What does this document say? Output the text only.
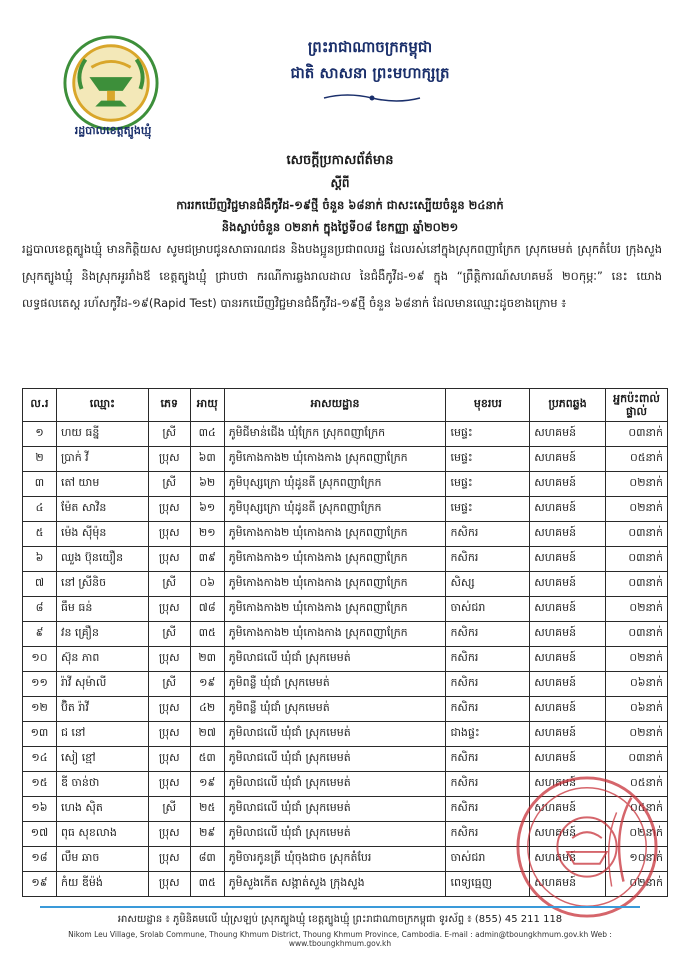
រដ្ឋបាលខេត្តត្បូងឃ្មុំ
ព្រះរាជាណាចក្រកម្ពុជា
ជាតិ សាសនា ព្រះមហាក្សត្រ
សេចក្តីប្រកាសព័ត៌មាន
ស្តីពី
ការរកឃើញវិជ្ជមានជំងឺកូវីដ-១៩ថ្មី ចំនួន ៦៨នាក់ ជាសះស្បើយចំនួន ២៤នាក់
និងស្លាប់ចំនួន ០២នាក់ ក្នុងថ្ងៃទី០៨ ខែកញ្ញា ឆ្នាំ២០២១
រដ្ឋបាលខេត្តត្បូងឃ្មុំ មានកិត្តិយស សូមជម្រាបជូនសាធារណជន និងបងប្អូនប្រជាពលរដ្ឋ ដែលរស់នៅក្នុងស្រុកពញាក្រែក ស្រុកមេមត់ ស្រុកតំបែរ ក្រុងសួង ស្រុកត្បូងឃ្មុំ និងស្រុកអូររាំងឪ ខេត្តត្បូងឃ្មុំ ជ្រាបថា ករណីការឆ្លងរាលដាល នៃជំងឺកូវីដ-១៩ ក្នុង “ព្រឹត្តិការណ៍សហគមន៍ ២០កុម្ភៈ” នេះ យោងលទ្ធផលតេស្ត រហ័សកូវីដ-១៩(Rapid Test) បានរកឃើញវិជ្ជមានជំងឺកូវីដ-១៩ថ្មី ចំនួន ៦៨នាក់ ដែលមានឈ្មោះដូចខាងក្រោម ៖
ល.រ	ឈ្មោះ	ភេទ	អាយុ	អាសយដ្ឋាន	មុខរបរ	ប្រភពឆ្លង	អ្នកប៉ះពាល់ផ្ទាល់
១	ហយ ធន្នី	ស្រី	៣៤	ភូមិជីមាន់ជើង ឃុំក្រែក ស្រុកពញាក្រែក	មេផ្ទះ	សហគមន៍	០៣នាក់
២	ប្រាក់ វី	ប្រុស	៦៣	ភូមិកោងកាង២ ឃុំកោងកាង ស្រុកពញាក្រែក	មេផ្ទះ	សហគមន៍	០៥នាក់
៣	តៅ យាម	ស្រី	៦២	ភូមិបុស្សក្រោ ឃុំដូនតី ស្រុកពញាក្រែក	មេផ្ទះ	សហគមន៍	០២នាក់
៤	ម៉ែត សាវិន	ប្រុស	៦១	ភូមិបុស្សក្រោ ឃុំដូនតី ស្រុកពញាក្រែក	មេផ្ទះ	សហគមន៍	០២នាក់
៥	ម៉េង ស៊ីម៉ុន	ប្រុស	២១	ភូមិកោងកាង២ ឃុំកោងកាង ស្រុកពញាក្រែក	កសិករ	សហគមន៍	០៣នាក់
៦	ឈួង ប៊ុនយឿន	ប្រុស	៣៩	ភូមិកោងកាង១ ឃុំកោងកាង ស្រុកពញាក្រែក	កសិករ	សហគមន៍	០៣នាក់
៧	នៅ ស្រីនិច	ស្រី	០៦	ភូមិកោងកាង២ ឃុំកោងកាង ស្រុកពញាក្រែក	សិស្ស	សហគមន៍	០៣នាក់
៨	ធឹម ធន់	ប្រុស	៧៨	ភូមិកោងកាង២ ឃុំកោងកាង ស្រុកពញាក្រែក	ចាស់ជរា	សហគមន៍	០២នាក់
៩	វន គ្រឿន	ស្រី	៣៥	ភូមិកោងកាង២ ឃុំកោងកាង ស្រុកពញាក្រែក	កសិករ	សហគមន៍	០៣នាក់
១០	ស៊ុន ភាព	ប្រុស	២៣	ភូមិលាជលើ ឃុំជាំ ស្រុកមេមត់	កសិករ	សហគមន៍	០២នាក់
១១	រ៉ាវី សុម៉ាលី	ស្រី	១៩	ភូមិពន្លឺ ឃុំជាំ ស្រុកមេមត់	កសិករ	សហគមន៍	០៦នាក់
១២	ប៊ិត រ៉ាវី	ប្រុស	៤២	ភូមិពន្លឺ ឃុំជាំ ស្រុកមេមត់	កសិករ	សហគមន៍	០៦នាក់
១៣	ជ នៅ	ប្រុស	២៧	ភូមិលាជលើ ឃុំជាំ ស្រុកមេមត់	ជាងផ្ទះ	សហគមន៍	០២នាក់
១៤	សៀ ខ្មៅ	ប្រុស	៥៣	ភូមិលាជលើ ឃុំជាំ ស្រុកមេមត់	កសិករ	សហគមន៍	០៣នាក់
១៥	ឌី ចាន់ថា	ប្រុស	១៩	ភូមិលាជលើ ឃុំជាំ ស្រុកមេមត់	កសិករ	សហគមន៍	០៥នាក់
១៦	ហេង ស៊ិត	ស្រី	២៥	ភូមិលាជលើ ឃុំជាំ ស្រុកមេមត់	កសិករ	សហគមន៍	០៥នាក់
១៧	ពុធ សុខលាង	ប្រុស	២៩	ភូមិលាជលើ ឃុំជាំ ស្រុកមេមត់	កសិករ	សហគមន៍	០២នាក់
១៨	លឹម ឆាច	ប្រុស	៨៣	ភូមិចារកូនត្រី ឃុំចុងជាច ស្រុកតំបែរ	ចាស់ជរា	សហគមន៍	១០នាក់
១៩	កំយ ឌីម៉ង់	ប្រុស	៣៥	ភូមិសួងកើត សង្កាត់សួង ក្រុងសួង	ពេទ្យធ្មេញ	សហគមន៍	០២នាក់
អាសយដ្ឋាន ៖ ភូមិនិគមលើ ឃុំស្រឡប់ ស្រុកត្បូងឃ្មុំ ខេត្តត្បូងឃ្មុំ ព្រះរាជាណាចក្រកម្ពុជា ទូរស័ព្ទ ៖ (855) 45 211 118
Nikom Leu Village, Srolab Commune, Thoung Khmum District, Thoung Khmum Province, Cambodia. E-mail : admin@tboungkhmum.gov.kh Web : www.tboungkhmum.gov.kh
